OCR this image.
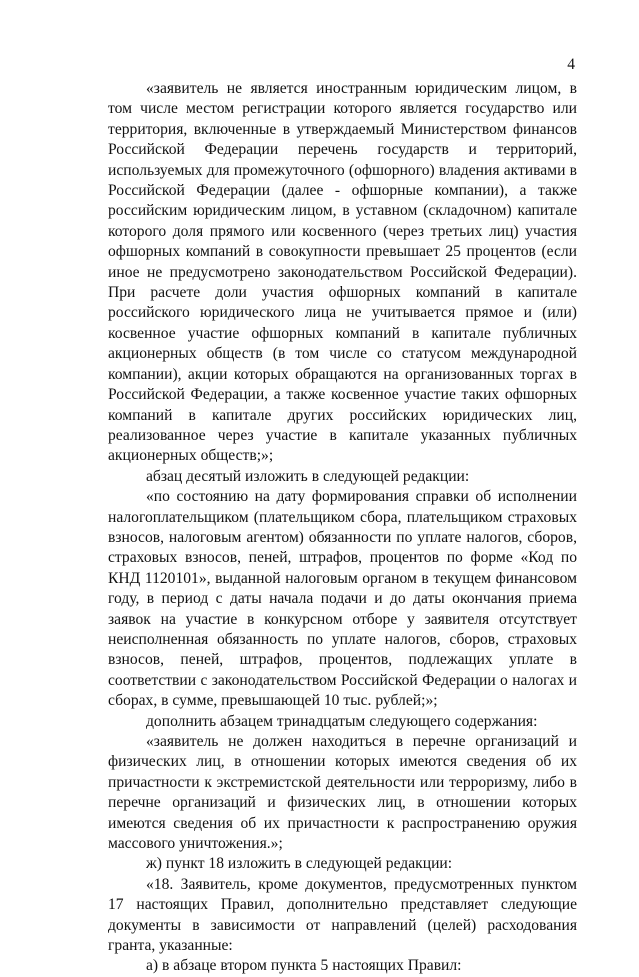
4

«заявитель не является иностранным юридическим лицом, в том числе местом регистрации которого является государство или территория, включенные в утверждаемый Министерством финансов Российской Федерации перечень государств и территорий, используемых для промежуточного (офшорного) владения активами в Российской Федерации (далее - офшорные компании), а также российским юридическим лицом, в уставном (складочном) капитале которого доля прямого или косвенного (через третьих лиц) участия офшорных компаний в совокупности превышает 25 процентов (если иное не предусмотрено законодательством Российской Федерации). При расчете доли участия офшорных компаний в капитале российского юридического лица не учитывается прямое и (или) косвенное участие офшорных компаний в капитале публичных акционерных обществ (в том числе со статусом международной компании), акции которых обращаются на организованных торгах в Российской Федерации, а также косвенное участие таких офшорных компаний в капитале других российских юридических лиц, реализованное через участие в капитале указанных публичных акционерных обществ;»;

абзац десятый изложить в следующей редакции:

«по состоянию на дату формирования справки об исполнении налогоплательщиком (плательщиком сбора, плательщиком страховых взносов, налоговым агентом) обязанности по уплате налогов, сборов, страховых взносов, пеней, штрафов, процентов по форме «Код по КНД 1120101», выданной налоговым органом в текущем финансовом году, в период с даты начала подачи и до даты окончания приема заявок на участие в конкурсном отборе у заявителя отсутствует неисполненная обязанность по уплате налогов, сборов, страховых взносов, пеней, штрафов, процентов, подлежащих уплате в соответствии с законодательством Российской Федерации о налогах и сборах, в сумме, превышающей 10 тыс. рублей;»;

дополнить абзацем тринадцатым следующего содержания:

«заявитель не должен находиться в перечне организаций и физических лиц, в отношении которых имеются сведения об их причастности к экстремистской деятельности или терроризму, либо в перечне организаций и физических лиц, в отношении которых имеются сведения об их причастности к распространению оружия массового уничтожения.»;

ж) пункт 18 изложить в следующей редакции:

«18. Заявитель, кроме документов, предусмотренных пунктом 17 настоящих Правил, дополнительно представляет следующие документы в зависимости от направлений (целей) расходования гранта, указанные:

а) в абзаце втором пункта 5 настоящих Правил:
